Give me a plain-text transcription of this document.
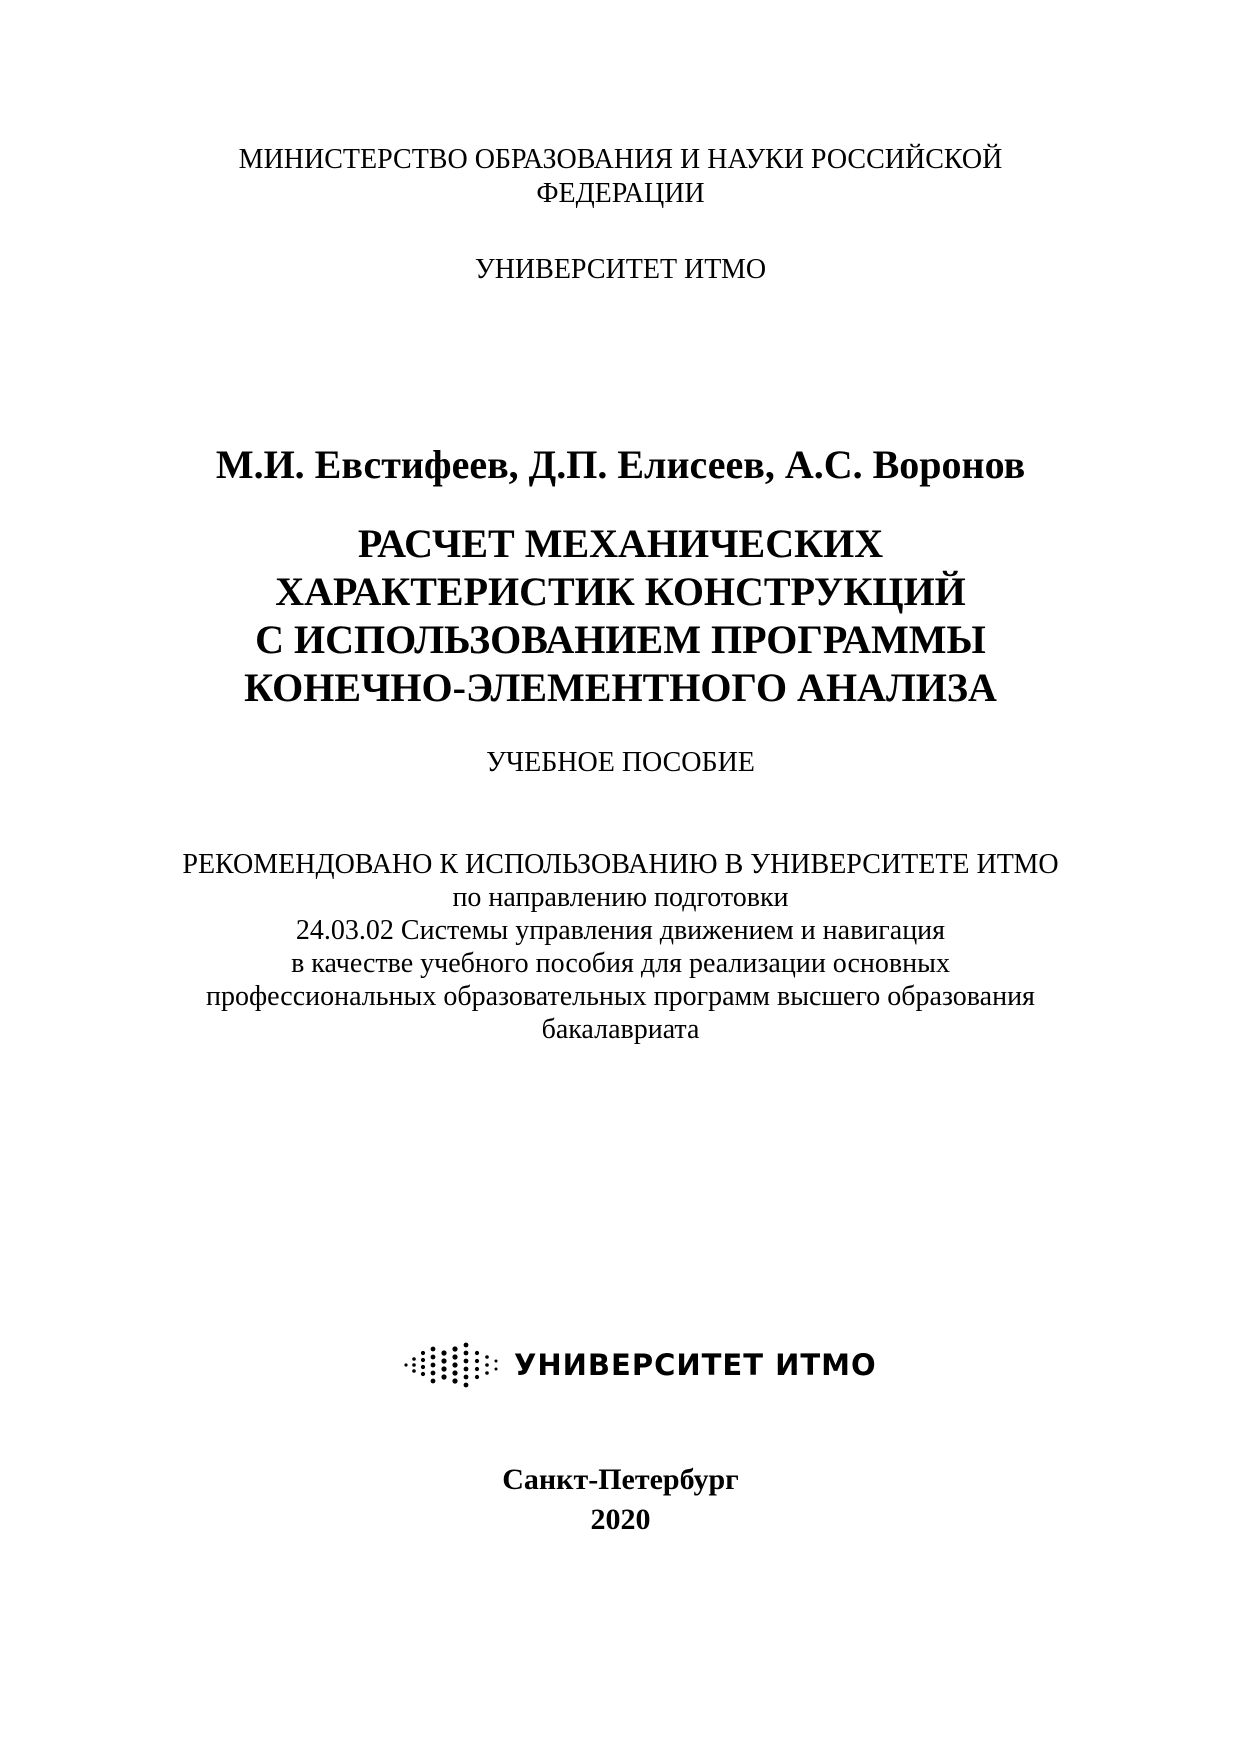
МИНИСТЕРСТВО ОБРАЗОВАНИЯ И НАУКИ РОССИЙСКОЙ
ФЕДЕРАЦИИ
УНИВЕРСИТЕТ ИТМО
М.И. Евстифеев, Д.П. Елисеев, А.С. Воронов
РАСЧЕТ МЕХАНИЧЕСКИХ
ХАРАКТЕРИСТИК КОНСТРУКЦИЙ
С ИСПОЛЬЗОВАНИЕМ ПРОГРАММЫ
КОНЕЧНО-ЭЛЕМЕНТНОГО АНАЛИЗА
УЧЕБНОЕ ПОСОБИЕ
РЕКОМЕНДОВАНО К ИСПОЛЬЗОВАНИЮ В УНИВЕРСИТЕТЕ ИТМО
по направлению подготовки
24.03.02 Системы управления движением и навигация
в качестве учебного пособия для реализации основных
профессиональных образовательных программ высшего образования
бакалавриата
УНИВЕРСИТЕТ ИТМО
Санкт-Петербург
2020
